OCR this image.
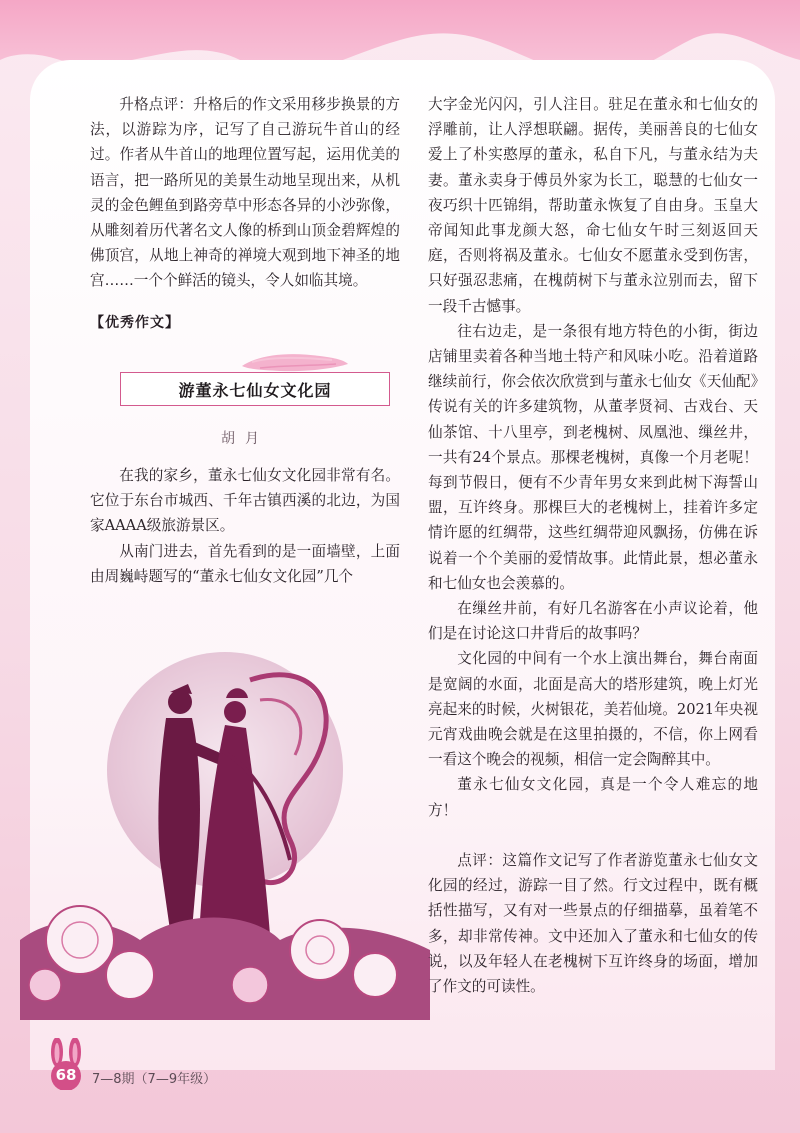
升格点评：升格后的作文采用移步换景的方法，以游踪为序，记写了自己游玩牛首山的经过。作者从牛首山的地理位置写起，运用优美的语言，把一路所见的美景生动地呈现出来，从机灵的金色鲤鱼到路旁草中形态各异的小沙弥像，从雕刻着历代著名文人像的桥到山顶金碧辉煌的佛顶宫，从地上神奇的禅境大观到地下神圣的地宫……一个个鲜活的镜头，令人如临其境。

【优秀作文】
游董永七仙女文化园
胡月

在我的家乡，董永七仙女文化园非常有名。它位于东台市城西、千年古镇西溪的北边，为国家AAAA级旅游景区。

从南门进去，首先看到的是一面墙壁，上面由周巍峙题写的“董永七仙女文化园”几个

大字金光闪闪，引人注目。驻足在董永和七仙女的浮雕前，让人浮想联翩。据传，美丽善良的七仙女爱上了朴实憨厚的董永，私自下凡，与董永结为夫妻。董永卖身于傅员外家为长工，聪慧的七仙女一夜巧织十匹锦绢，帮助董永恢复了自由身。玉皇大帝闻知此事龙颜大怒，命七仙女午时三刻返回天庭，否则将祸及董永。七仙女不愿董永受到伤害，只好强忍悲痛，在槐荫树下与董永泣别而去，留下一段千古憾事。

往右边走，是一条很有地方特色的小街，街边店铺里卖着各种当地土特产和风味小吃。沿着道路继续前行，你会依次欣赏到与董永七仙女《天仙配》传说有关的许多建筑物，从董孝贤祠、古戏台、天仙茶馆、十八里亭，到老槐树、凤凰池、缫丝井，一共有24个景点。那棵老槐树，真像一个月老呢！每到节假日，便有不少青年男女来到此树下海誓山盟，互许终身。那棵巨大的老槐树上，挂着许多定情许愿的红绸带，这些红绸带迎风飘扬，仿佛在诉说着一个个美丽的爱情故事。此情此景，想必董永和七仙女也会羡慕的。

在缫丝井前，有好几名游客在小声议论着，他们是在讨论这口井背后的故事吗？

文化园的中间有一个水上演出舞台，舞台南面是宽阔的水面，北面是高大的塔形建筑，晚上灯光亮起来的时候，火树银花，美若仙境。2021年央视元宵戏曲晚会就是在这里拍摄的，不信，你上网看一看这个晚会的视频，相信一定会陶醉其中。

董永七仙女文化园，真是一个令人难忘的地方！

点评：这篇作文记写了作者游览董永七仙女文化园的经过，游踪一目了然。行文过程中，既有概括性描写，又有对一些景点的仔细描摹，虽着笔不多，却非常传神。文中还加入了董永和七仙女的传说，以及年轻人在老槐树下互许终身的场面，增加了作文的可读性。

68 7—8期（7—9年级）
